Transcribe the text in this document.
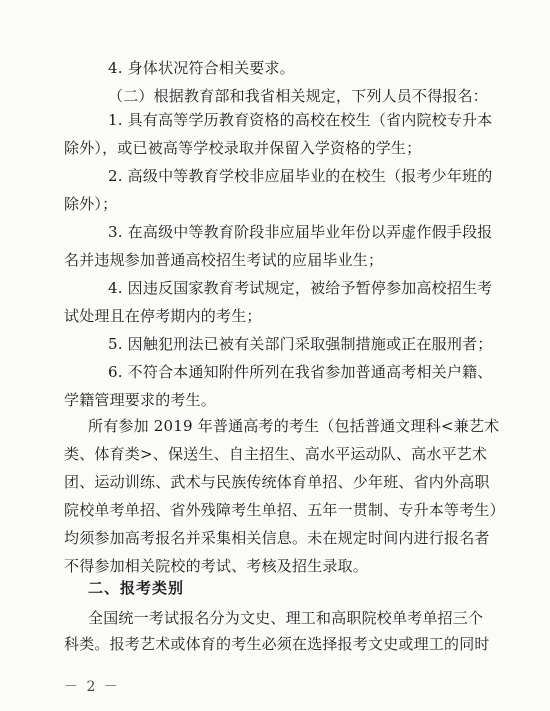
4. 身体状况符合相关要求。
（二）根据教育部和我省相关规定，下列人员不得报名：
1. 具有高等学历教育资格的高校在校生（省内院校专升本
除外），或已被高等学校录取并保留入学资格的学生；
2. 高级中等教育学校非应届毕业的在校生（报考少年班的
除外）；
3. 在高级中等教育阶段非应届毕业年份以弄虚作假手段报
名并违规参加普通高校招生考试的应届毕业生；
4. 因违反国家教育考试规定，被给予暂停参加高校招生考
试处理且在停考期内的考生；
5. 因触犯刑法已被有关部门采取强制措施或正在服刑者；
6. 不符合本通知附件所列在我省参加普通高考相关户籍、
学籍管理要求的考生。
所有参加 2019 年普通高考的考生（包括普通文理科<兼艺术
类、体育类>、保送生、自主招生、高水平运动队、高水平艺术
团、运动训练、武术与民族传统体育单招、少年班、省内外高职
院校单考单招、省外残障考生单招、五年一贯制、专升本等考生）
均须参加高考报名并采集相关信息。未在规定时间内进行报名者
不得参加相关院校的考试、考核及招生录取。
二、报考类别
全国统一考试报名分为文史、理工和高职院校单考单招三个
科类。报考艺术或体育的考生必须在选择报考文史或理工的同时
－ 2 －
